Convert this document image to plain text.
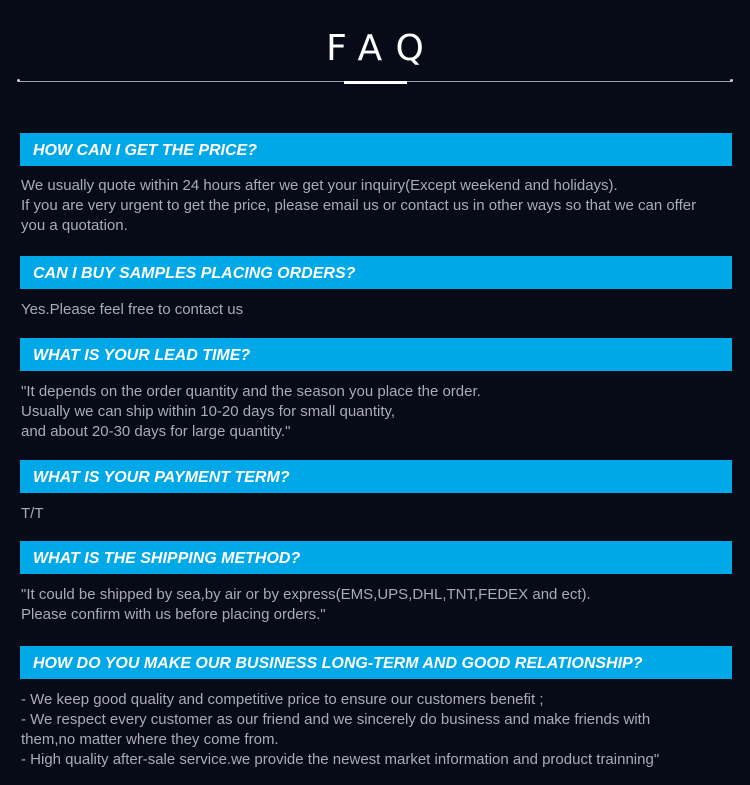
FAQ
HOW CAN I GET THE PRICE?
We usually quote within 24 hours after we get your inquiry(Except weekend and holidays).
If you are very urgent to get the price, please email us or contact us in other ways so that we can offer
you a quotation.
CAN I BUY SAMPLES PLACING ORDERS?
Yes.Please feel free to contact us
WHAT IS YOUR LEAD TIME?
"It depends on the order quantity and the season you place the order.
Usually we can ship within 10-20 days for small quantity,
and about 20-30 days for large quantity."
WHAT IS YOUR PAYMENT TERM?
T/T
WHAT IS THE SHIPPING METHOD?
"It could be shipped by sea,by air or by express(EMS,UPS,DHL,TNT,FEDEX and ect).
Please confirm with us before placing orders."
HOW DO YOU MAKE OUR BUSINESS LONG-TERM AND GOOD RELATIONSHIP?
- We keep good quality and competitive price to ensure our customers benefit ;
- We respect every customer as our friend and we sincerely do business and make friends with
them,no matter where they come from.
- High quality after-sale service.we provide the newest market information and product trainning"
